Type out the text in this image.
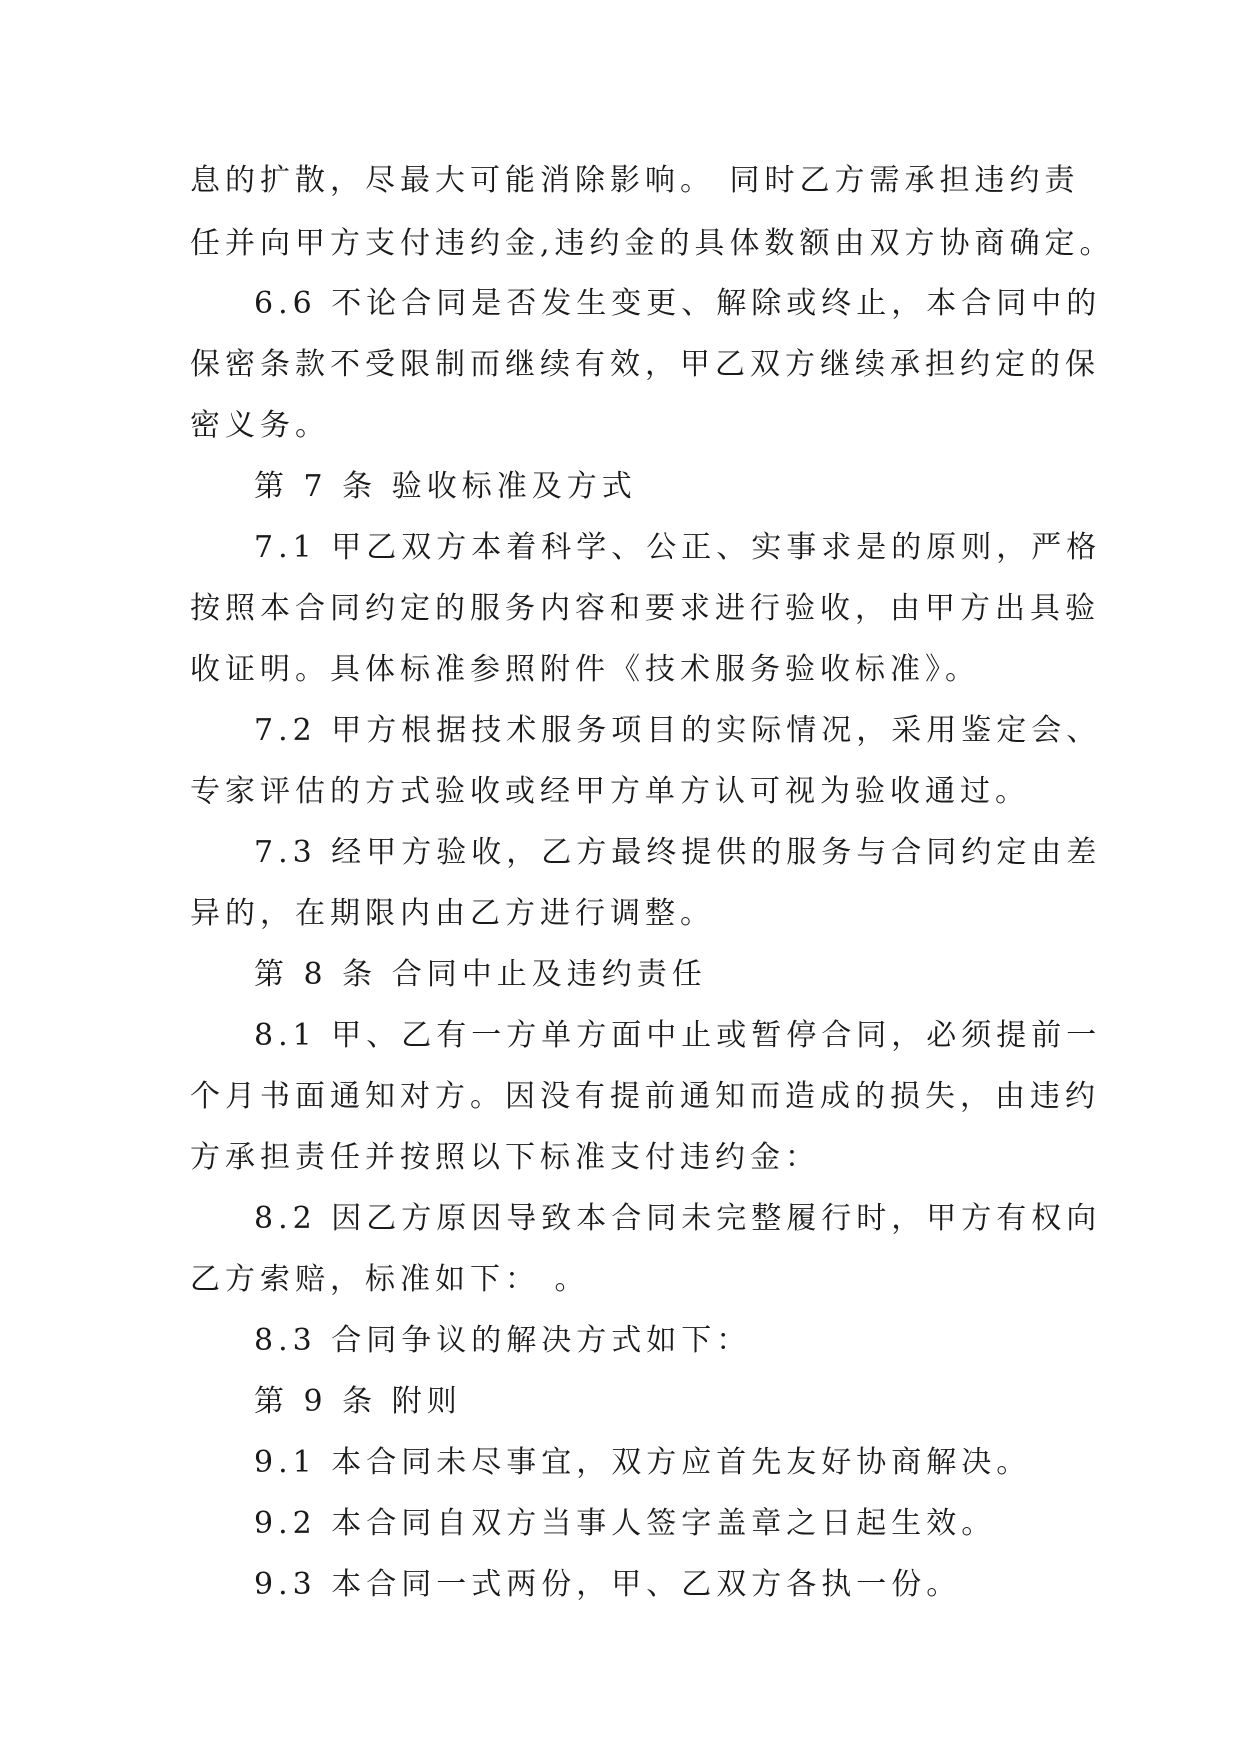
息的扩散，尽最大可能消除影响。 同时乙方需承担违约责
任并向甲方支付违约金,违约金的具体数额由双方协商确定。
6.6 不论合同是否发生变更、解除或终止，本合同中的
保密条款不受限制而继续有效，甲乙双方继续承担约定的保
密义务。
第 7 条 验收标准及方式
7.1 甲乙双方本着科学、公正、实事求是的原则，严格
按照本合同约定的服务内容和要求进行验收，由甲方出具验
收证明。具体标准参照附件《技术服务验收标准》。
7.2 甲方根据技术服务项目的实际情况，采用鉴定会、
专家评估的方式验收或经甲方单方认可视为验收通过。
7.3 经甲方验收，乙方最终提供的服务与合同约定由差
异的，在期限内由乙方进行调整。
第 8 条 合同中止及违约责任
8.1 甲、乙有一方单方面中止或暂停合同，必须提前一
个月书面通知对方。因没有提前通知而造成的损失，由违约
方承担责任并按照以下标准支付违约金：
8.2 因乙方原因导致本合同未完整履行时，甲方有权向
乙方索赔，标准如下： 。
8.3 合同争议的解决方式如下：
第 9 条 附则
9.1 本合同未尽事宜，双方应首先友好协商解决。
9.2 本合同自双方当事人签字盖章之日起生效。
9.3 本合同一式两份，甲、乙双方各执一份。
